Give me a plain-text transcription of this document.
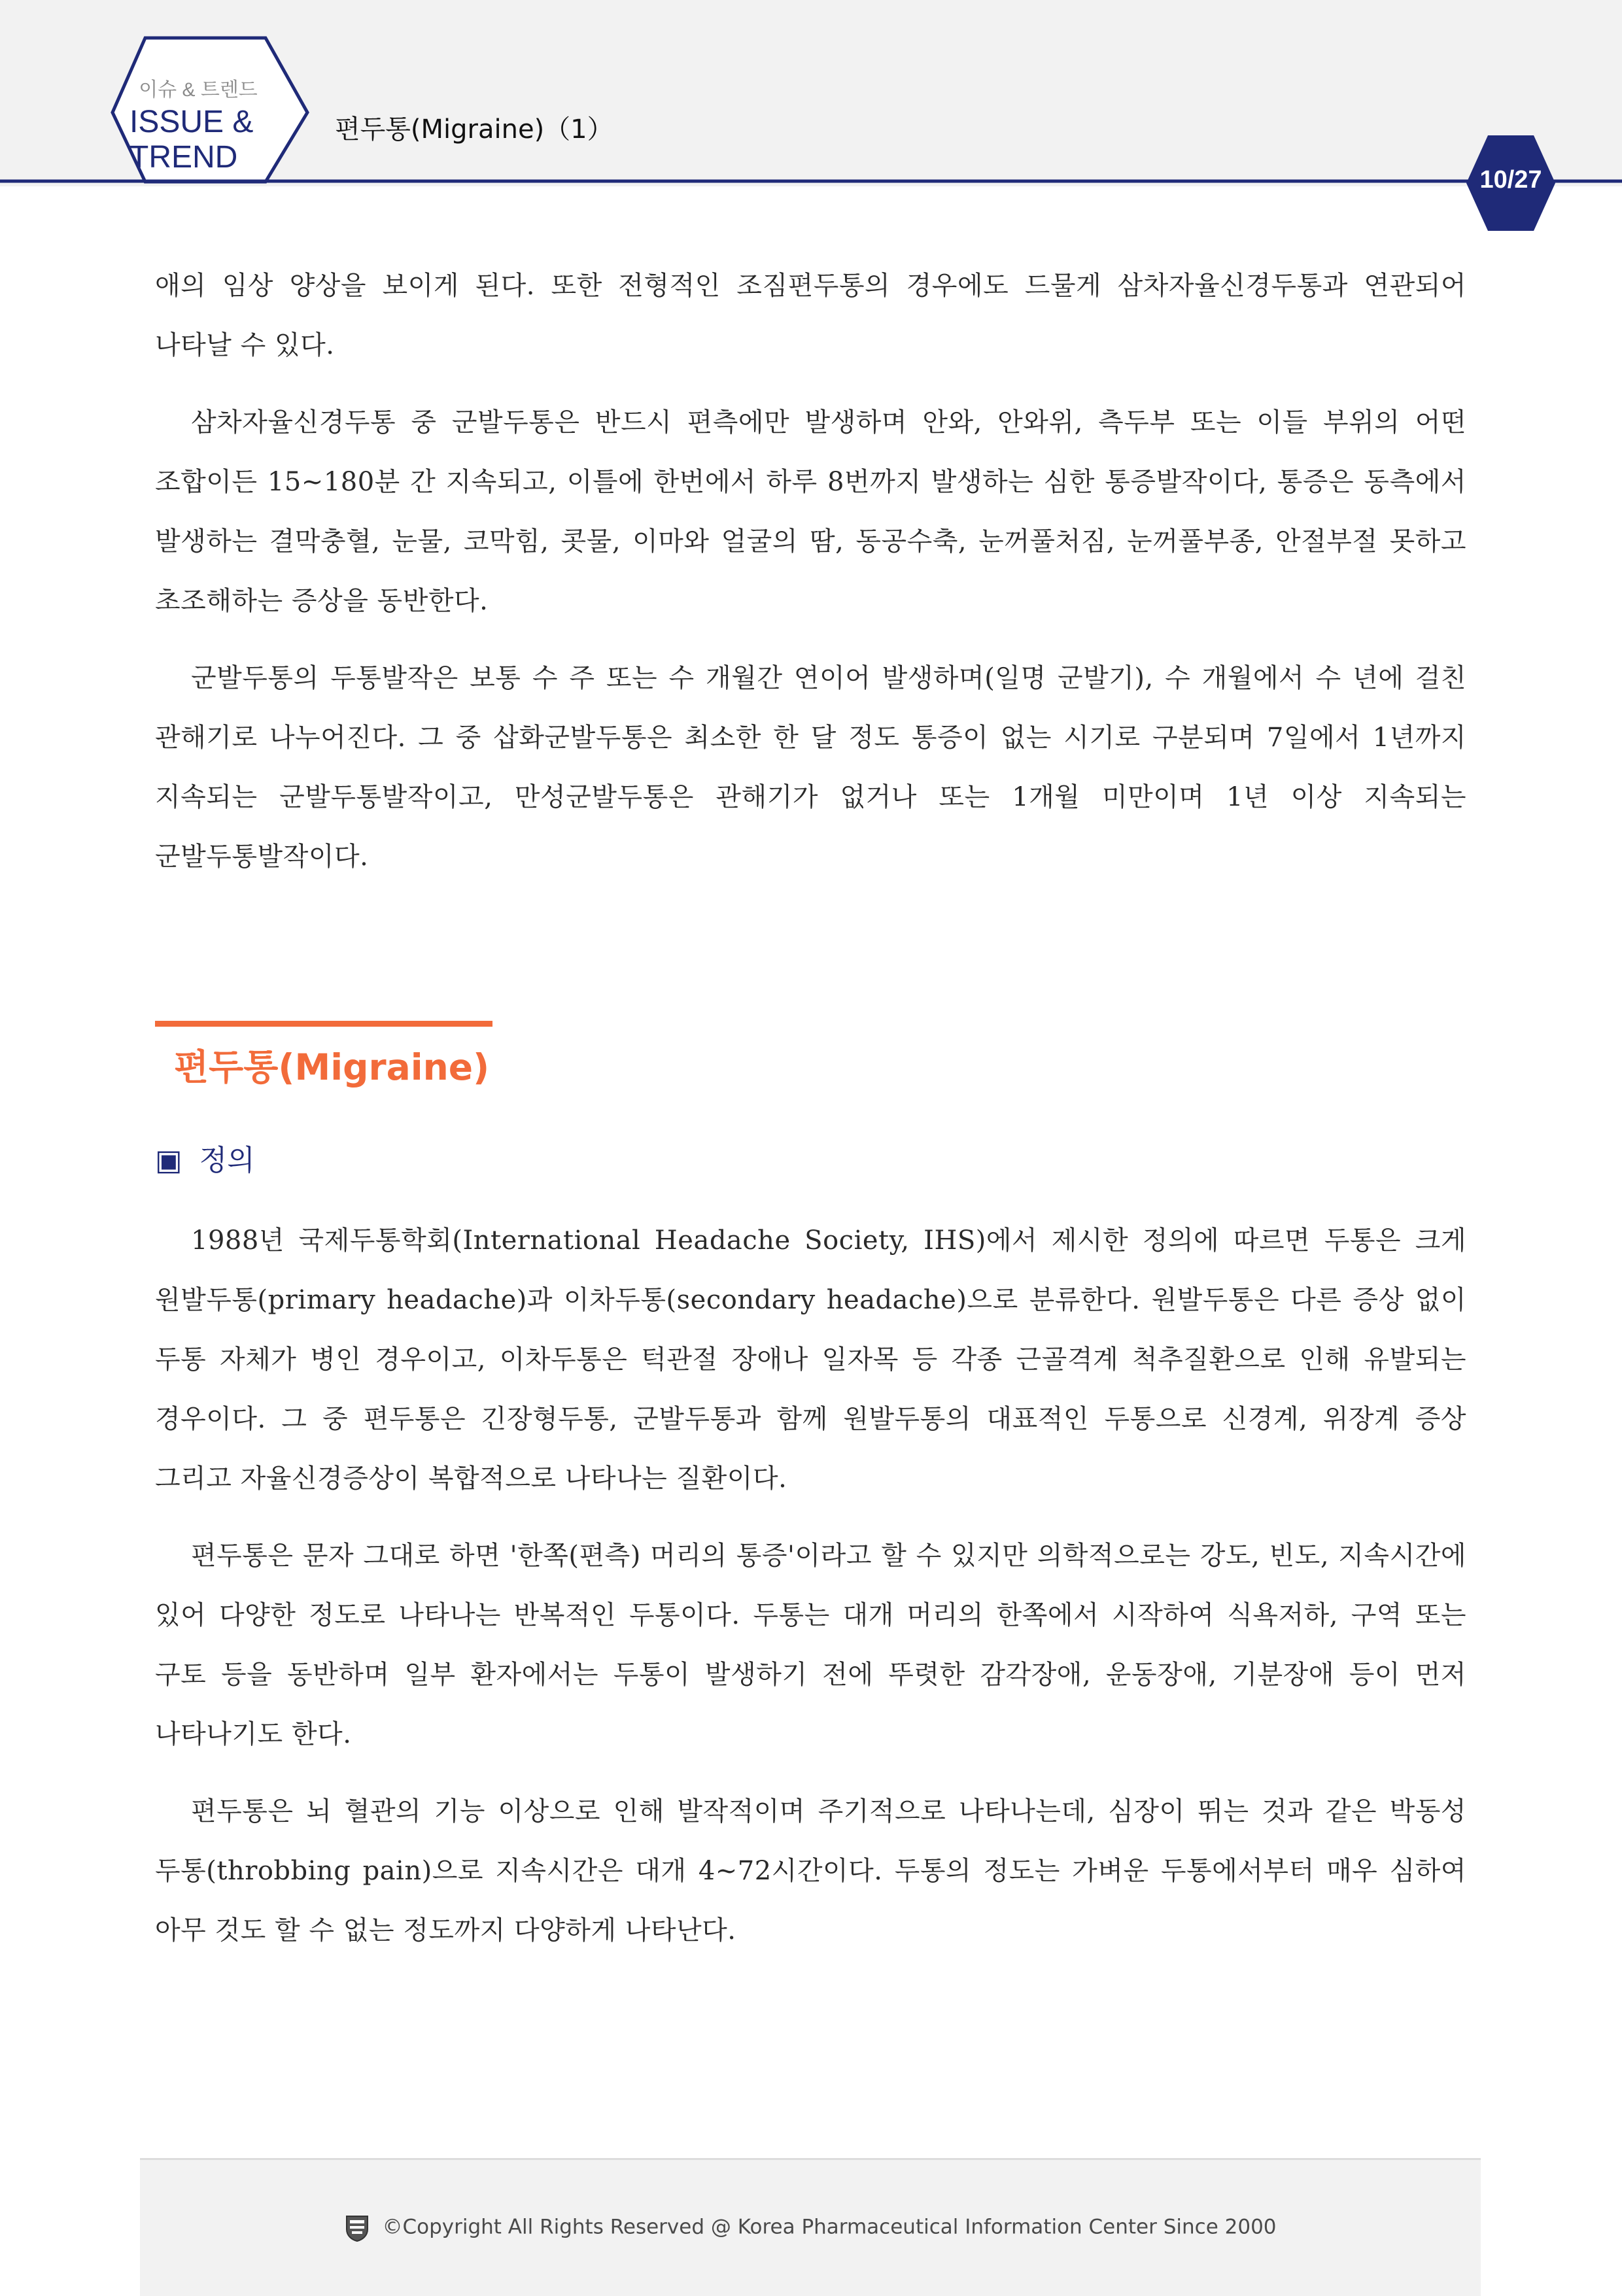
이슈 & 트렌드
ISSUE &
TREND
편두통(Migraine)（1）
10/27

애의 임상 양상을 보이게 된다. 또한 전형적인 조짐편두통의 경우에도 드물게 삼차자율신경두통과 연관되어 나타날 수 있다.

삼차자율신경두통 중 군발두통은 반드시 편측에만 발생하며 안와, 안와위, 측두부 또는 이들 부위의 어떤 조합이든 15~180분 간 지속되고, 이틀에 한번에서 하루 8번까지 발생하는 심한 통증발작이다, 통증은 동측에서 발생하는 결막충혈, 눈물, 코막힘, 콧물, 이마와 얼굴의 땀, 동공수축, 눈꺼풀처짐, 눈꺼풀부종, 안절부절 못하고 초조해하는 증상을 동반한다.

군발두통의 두통발작은 보통 수 주 또는 수 개월간 연이어 발생하며(일명 군발기), 수 개월에서 수 년에 걸친 관해기로 나누어진다. 그 중 삽화군발두통은 최소한 한 달 정도 통증이 없는 시기로 구분되며 7일에서 1년까지 지속되는 군발두통발작이고, 만성군발두통은 관해기가 없거나 또는 1개월 미만이며 1년 이상 지속되는 군발두통발작이다.

편두통(Migraine)
▣ 정의

1988년 국제두통학회(International Headache Society, IHS)에서 제시한 정의에 따르면 두통은 크게 원발두통(primary headache)과 이차두통(secondary headache)으로 분류한다. 원발두통은 다른 증상 없이 두통 자체가 병인 경우이고, 이차두통은 턱관절 장애나 일자목 등 각종 근골격계 척추질환으로 인해 유발되는 경우이다. 그 중 편두통은 긴장형두통, 군발두통과 함께 원발두통의 대표적인 두통으로 신경계, 위장계 증상 그리고 자율신경증상이 복합적으로 나타나는 질환이다.

편두통은 문자 그대로 하면 '한쪽(편측) 머리의 통증'이라고 할 수 있지만 의학적으로는 강도, 빈도, 지속시간에 있어 다양한 정도로 나타나는 반복적인 두통이다. 두통는 대개 머리의 한쪽에서 시작하여 식욕저하, 구역 또는 구토 등을 동반하며 일부 환자에서는 두통이 발생하기 전에 뚜렷한 감각장애, 운동장애, 기분장애 등이 먼저 나타나기도 한다.

편두통은 뇌 혈관의 기능 이상으로 인해 발작적이며 주기적으로 나타나는데, 심장이 뛰는 것과 같은 박동성 두통(throbbing pain)으로 지속시간은 대개 4~72시간이다. 두통의 정도는 가벼운 두통에서부터 매우 심하여 아무 것도 할 수 없는 정도까지 다양하게 나타난다.

©Copyright All Rights Reserved @ Korea Pharmaceutical Information Center Since 2000
